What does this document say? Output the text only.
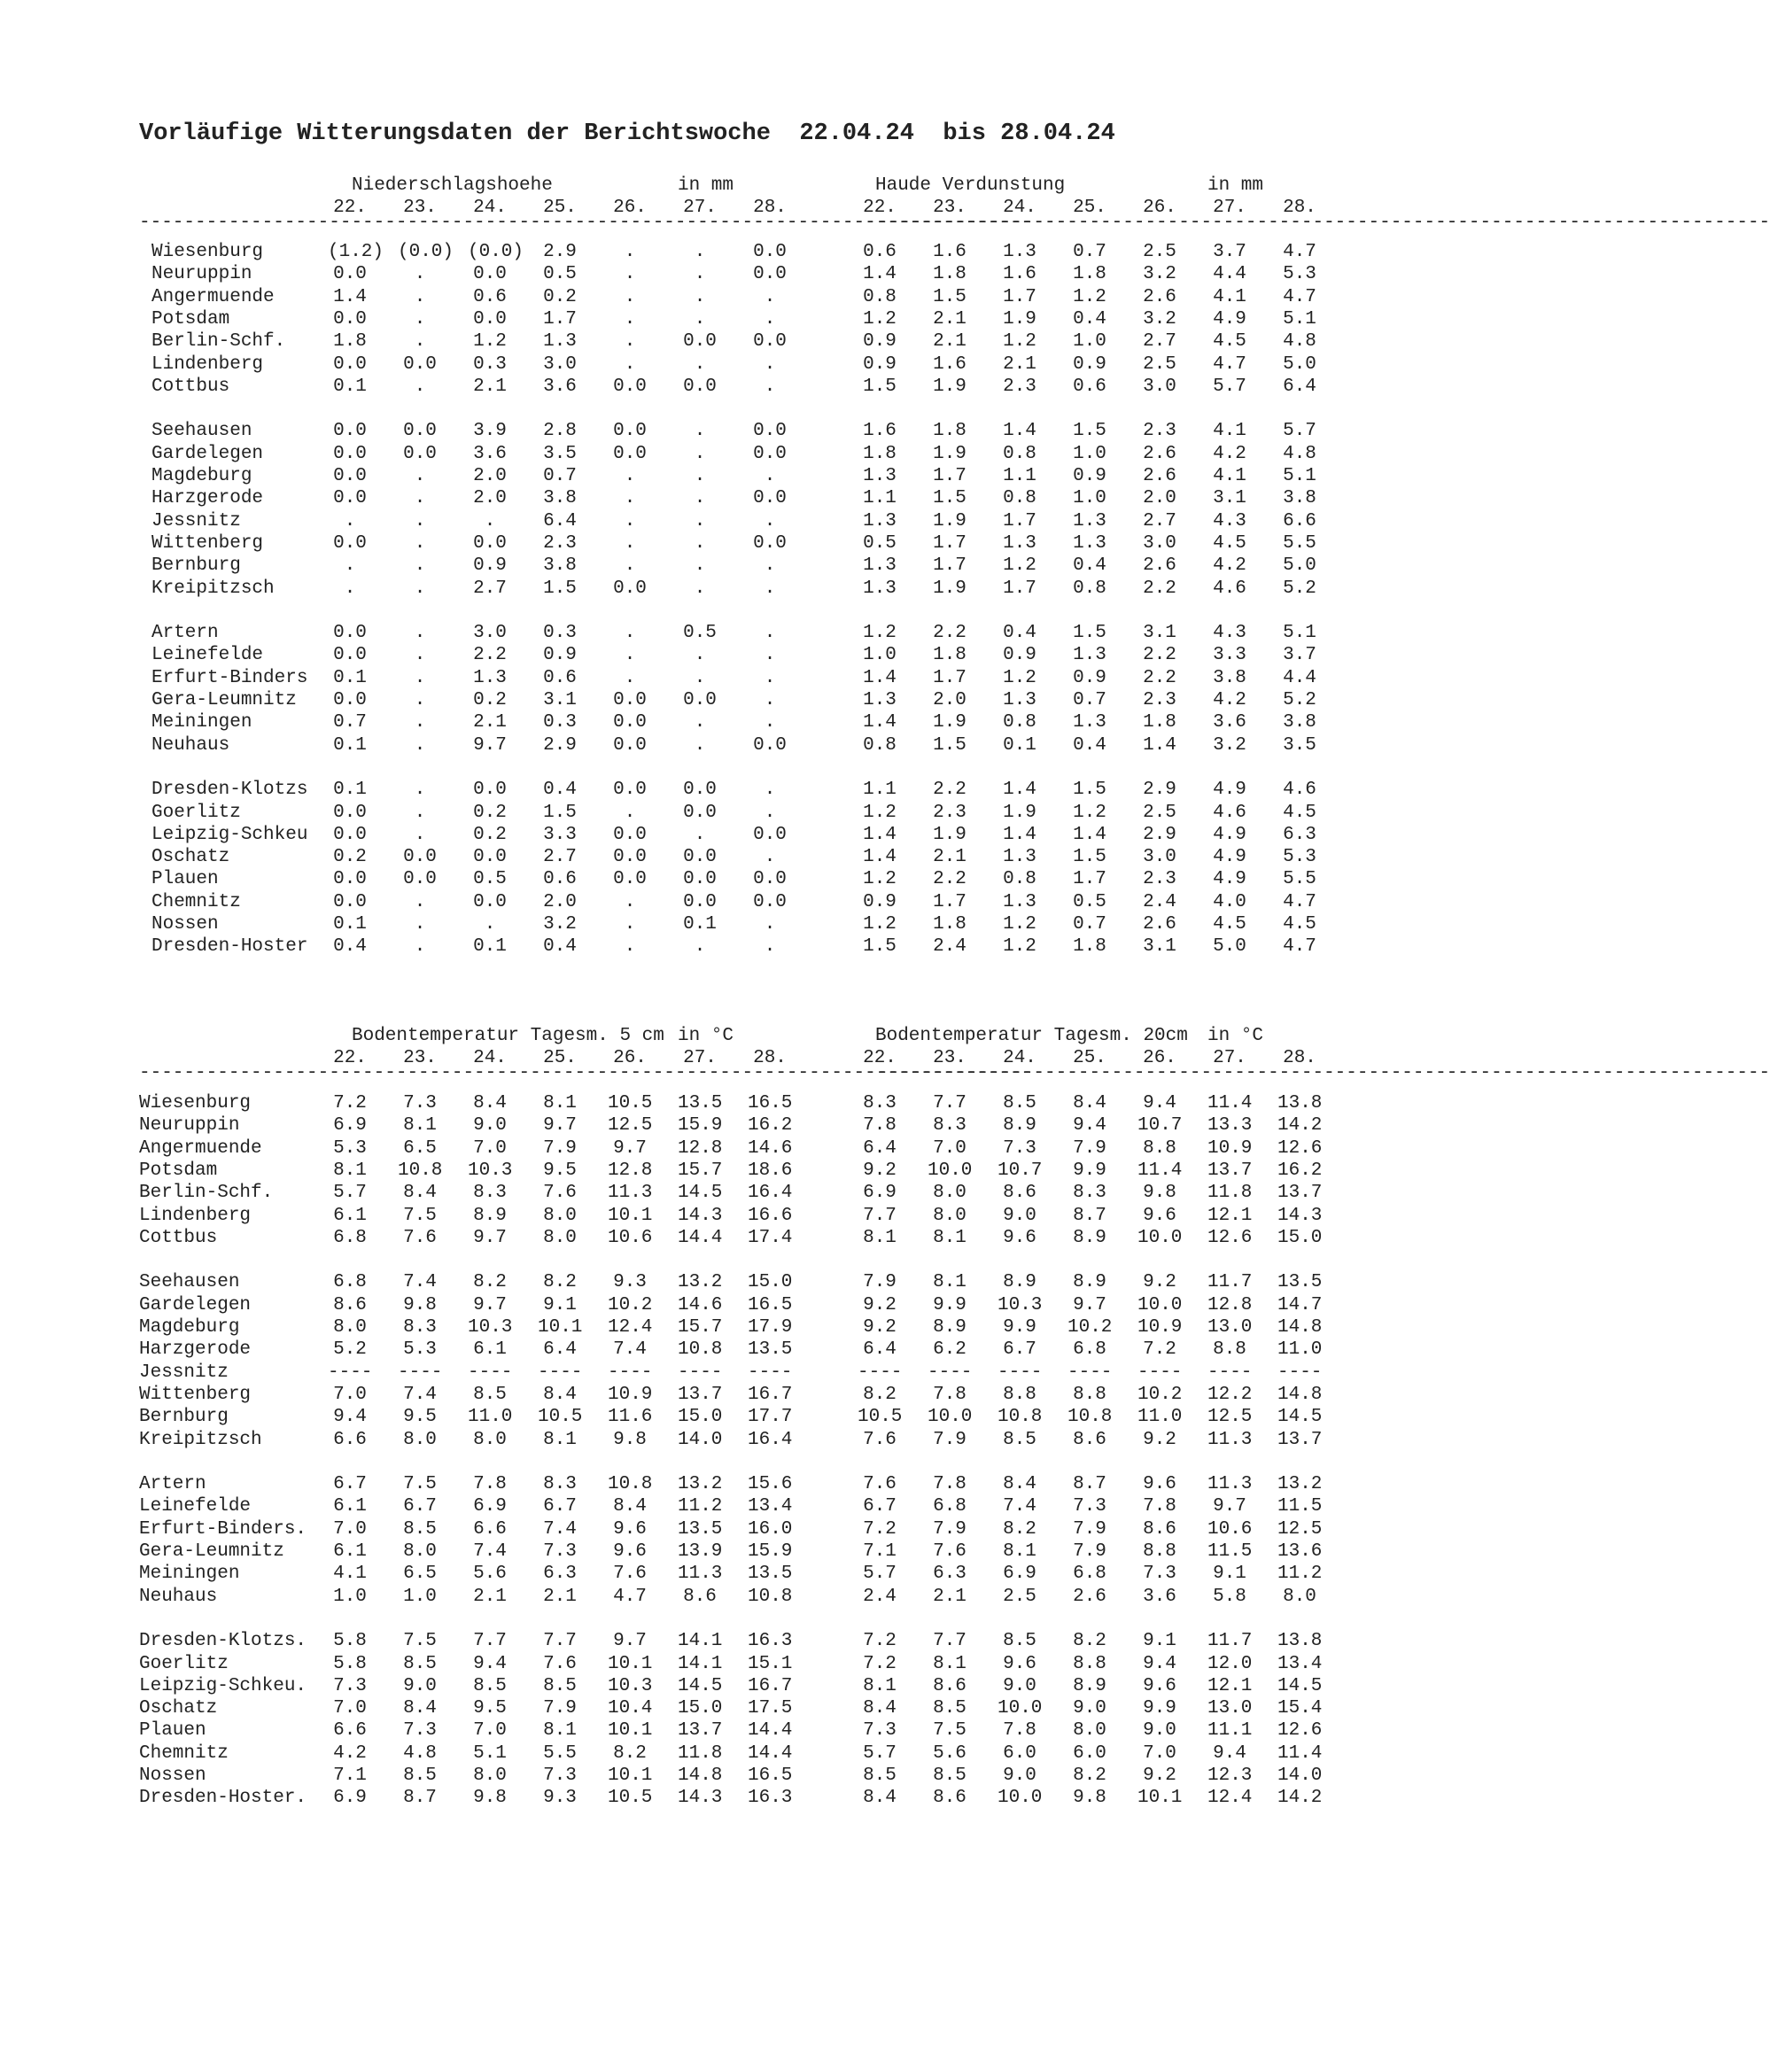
Vorläufige Witterungsdaten der Berichtswoche  22.04.24  bis 28.04.24
Niederschlagshoehe	in mm
22. 23. 24. 25. 26. 27. 28.
--------------------------------------------------------------------------------
Wiesenburg	(1.2) (0.0) (0.0) 2.9	.	.	0.0
Neuruppin	0.0	.	0.0 0.5	.	.	0.0
Angermuende	1.4	.	0.6 0.2	.	.	.
Potsdam	0.0	.	0.0 1.7	.	.	.
Berlin-Schf.	1.8	.	1.2 1.3	.	0.0 0.0
Lindenberg	0.0 0.0 0.3 3.0	.	.	.
Cottbus	0.1	.	2.1 3.6 0.0 0.0	.
Seehausen	0.0 0.0 3.9 2.8 0.0	.	0.0
Gardelegen	0.0 0.0 3.6 3.5 0.0	.	0.0
Magdeburg	0.0	.	2.0 0.7	.	.	.
Harzgerode	0.0	.	2.0 3.8	.	.	0.0
Jessnitz	.	.	.	6.4	.	.	.
Wittenberg	0.0	.	0.0 2.3	.	.	0.0
Bernburg	.	.	0.9 3.8	.	.	.
Kreipitzsch	.	.	2.7 1.5 0.0	.	.
Artern	0.0	.	3.0 0.3	.	0.5	.
Leinefelde	0.0	.	2.2 0.9	.	.	.
Erfurt-Binders 0.1	.	1.3 0.6	.	.	.
Gera-Leumnitz 0.0	.	0.2 3.1 0.0 0.0	.
Meiningen	0.7	.	2.1 0.3 0.0	.	.
Neuhaus	0.1	.	9.7 2.9 0.0	.	0.0
Dresden-Klotzs 0.1	.	0.0 0.4 0.0 0.0	.
Goerlitz	0.0	.	0.2 1.5	.	0.0	.
Leipzig-Schkeu 0.0	.	0.2 3.3 0.0	.	0.0
Oschatz	0.2 0.0 0.0 2.7 0.0 0.0	.
Plauen	0.0 0.0 0.5 0.6 0.0 0.0 0.0
Chemnitz	0.0	.	0.0 2.0	.	0.0 0.0
Nossen	0.1	.	.	3.2	.	0.1	.
Dresden-Hoster 0.4	.	0.1 0.4	.	.	.
Haude Verdunstung	in mm
22. 23. 24. 25. 26. 27. 28.
--------------------------------------------------------------------------------
0.6 1.6 1.3 0.7 2.5 3.7 4.7
1.4 1.8 1.6 1.8 3.2 4.4 5.3
0.8 1.5 1.7 1.2 2.6 4.1 4.7
1.2 2.1 1.9 0.4 3.2 4.9 5.1
0.9 2.1 1.2 1.0 2.7 4.5 4.8
0.9 1.6 2.1 0.9 2.5 4.7 5.0
1.5 1.9 2.3 0.6 3.0 5.7 6.4
1.6 1.8 1.4 1.5 2.3 4.1 5.7
1.8 1.9 0.8 1.0 2.6 4.2 4.8
1.3 1.7 1.1 0.9 2.6 4.1 5.1
1.1 1.5 0.8 1.0 2.0 3.1 3.8
1.3 1.9 1.7 1.3 2.7 4.3 6.6
0.5 1.7 1.3 1.3 3.0 4.5 5.5
1.3 1.7 1.2 0.4 2.6 4.2 5.0
1.3 1.9 1.7 0.8 2.2 4.6 5.2
1.2 2.2 0.4 1.5 3.1 4.3 5.1
1.0 1.8 0.9 1.3 2.2 3.3 3.7
1.4 1.7 1.2 0.9 2.2 3.8 4.4
1.3 2.0 1.3 0.7 2.3 4.2 5.2
1.4 1.9 0.8 1.3 1.8 3.6 3.8
0.8 1.5 0.1 0.4 1.4 3.2 3.5
1.1 2.2 1.4 1.5 2.9 4.9 4.6
1.2 2.3 1.9 1.2 2.5 4.6 4.5
1.4 1.9 1.4 1.4 2.9 4.9 6.3
1.4 2.1 1.3 1.5 3.0 4.9 5.3
1.2 2.2 0.8 1.7 2.3 4.9 5.5
0.9 1.7 1.3 0.5 2.4 4.0 4.7
1.2 1.8 1.2 0.7 2.6 4.5 4.5
1.5 2.4 1.2 1.8 3.1 5.0 4.7
Bodentemperatur Tagesm. 5 cm in °C
22. 23. 24. 25. 26. 27. 28.
--------------------------------------------------------------------------------
Wiesenburg	7.2 7.3 8.4 8.1 10.5 13.5 16.5
Neuruppin	6.9 8.1 9.0 9.7 12.5 15.9 16.2
Angermuende	5.3 6.5 7.0 7.9 9.7 12.8 14.6
Potsdam	8.1 10.8 10.3 9.5 12.8 15.7 18.6
Berlin-Schf.	5.7 8.4 8.3 7.6 11.3 14.5 16.4
Lindenberg	6.1 7.5 8.9 8.0 10.1 14.3 16.6
Cottbus	6.8 7.6 9.7 8.0 10.6 14.4 17.4
Seehausen	6.8 7.4 8.2 8.2 9.3 13.2 15.0
Gardelegen	8.6 9.8 9.7 9.1 10.2 14.6 16.5
Magdeburg	8.0 8.3 10.3 10.1 12.4 15.7 17.9
Harzgerode	5.2 5.3 6.1 6.4 7.4 10.8 13.5
Jessnitz	---- ---- ---- ---- ---- ---- ----
Wittenberg	7.0 7.4 8.5 8.4 10.9 13.7 16.7
Bernburg	9.4 9.5 11.0 10.5 11.6 15.0 17.7
Kreipitzsch	6.6 8.0 8.0 8.1 9.8 14.0 16.4
Artern	6.7 7.5 7.8 8.3 10.8 13.2 15.6
Leinefelde	6.1 6.7 6.9 6.7 8.4 11.2 13.4
Erfurt-Binders. 7.0 8.5 6.6 7.4 9.6 13.5 16.0
Gera-Leumnitz	6.1 8.0 7.4 7.3 9.6 13.9 15.9
Meiningen	4.1 6.5 5.6 6.3 7.6 11.3 13.5
Neuhaus	1.0 1.0 2.1 2.1 4.7 8.6 10.8
Dresden-Klotzs. 5.8 7.5 7.7 7.7 9.7 14.1 16.3
Goerlitz	5.8 8.5 9.4 7.6 10.1 14.1 15.1
Leipzig-Schkeu. 7.3 9.0 8.5 8.5 10.3 14.5 16.7
Oschatz	7.0 8.4 9.5 7.9 10.4 15.0 17.5
Plauen	6.6 7.3 7.0 8.1 10.1 13.7 14.4
Chemnitz	4.2 4.8 5.1 5.5 8.2 11.8 14.4
Nossen	7.1 8.5 8.0 7.3 10.1 14.8 16.5
Dresden-Hoster. 6.9 8.7 9.8 9.3 10.5 14.3 16.3
Bodentemperatur Tagesm. 20cm in °C
22. 23. 24. 25. 26. 27. 28.
--------------------------------------------------------------------------------
8.3 7.7 8.5 8.4 9.4 11.4 13.8
7.8 8.3 8.9 9.4 10.7 13.3 14.2
6.4 7.0 7.3 7.9 8.8 10.9 12.6
9.2 10.0 10.7 9.9 11.4 13.7 16.2
6.9 8.0 8.6 8.3 9.8 11.8 13.7
7.7 8.0 9.0 8.7 9.6 12.1 14.3
8.1 8.1 9.6 8.9 10.0 12.6 15.0
7.9 8.1 8.9 8.9 9.2 11.7 13.5
9.2 9.9 10.3 9.7 10.0 12.8 14.7
9.2 8.9 9.9 10.2 10.9 13.0 14.8
6.4 6.2 6.7 6.8 7.2 8.8 11.0
---- ---- ---- ---- ---- ---- ----
8.2 7.8 8.8 8.8 10.2 12.2 14.8
10.5 10.0 10.8 10.8 11.0 12.5 14.5
7.6 7.9 8.5 8.6 9.2 11.3 13.7
7.6 7.8 8.4 8.7 9.6 11.3 13.2
6.7 6.8 7.4 7.3 7.8 9.7 11.5
7.2 7.9 8.2 7.9 8.6 10.6 12.5
7.1 7.6 8.1 7.9 8.8 11.5 13.6
5.7 6.3 6.9 6.8 7.3 9.1 11.2
2.4 2.1 2.5 2.6 3.6 5.8 8.0
7.2 7.7 8.5 8.2 9.1 11.7 13.8
7.2 8.1 9.6 8.8 9.4 12.0 13.4
8.1 8.6 9.0 8.9 9.6 12.1 14.5
8.4 8.5 10.0 9.0 9.9 13.0 15.4
7.3 7.5 7.8 8.0 9.0 11.1 12.6
5.7 5.6 6.0 6.0 7.0 9.4 11.4
8.5 8.5 9.0 8.2 9.2 12.3 14.0
8.4 8.6 10.0 9.8 10.1 12.4 14.2
